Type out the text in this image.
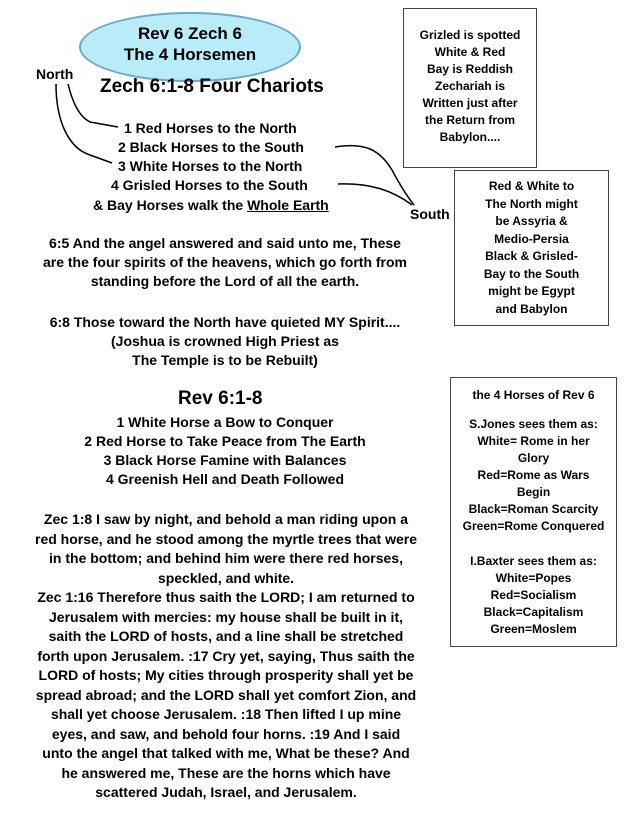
Rev 6 Zech 6
The 4 Horsemen
North
South
Zech 6:1-8 Four Chariots
1 Red Horses to the North
2 Black Horses to the South
3 White Horses to the North
4 Grisled Horses to the South
& Bay Horses walk the Whole Earth
6:5 And the angel answered and said unto me, These
are the four spirits of the heavens, which go forth from
standing before the Lord of all the earth.
6:8 Those toward the North have quieted MY Spirit....
(Joshua is crowned High Priest as
The Temple is to be Rebuilt)
Grizled is spotted
White & Red
Bay is Reddish
Zechariah is
Written just after
the Return from
Babylon....
Red & White to
The North might
be Assyria &
Medio-Persia
Black & Grisled-
Bay to the South
might be Egypt
and Babylon
Rev 6:1-8
1 White Horse a Bow to Conquer
2 Red Horse to Take Peace from The Earth
3 Black Horse Famine with Balances
4 Greenish Hell and Death Followed
Zec 1:8 I saw by night, and behold a man riding upon a
red horse, and he stood among the myrtle trees that were
in the bottom; and behind him were there red horses,
speckled, and white.
Zec 1:16 Therefore thus saith the LORD; I am returned to
Jerusalem with mercies: my house shall be built in it,
saith the LORD of hosts, and a line shall be stretched
forth upon Jerusalem. :17 Cry yet, saying, Thus saith the
LORD of hosts; My cities through prosperity shall yet be
spread abroad; and the LORD shall yet comfort Zion, and
shall yet choose Jerusalem. :18 Then lifted I up mine
eyes, and saw, and behold four horns. :19 And I said
unto the angel that talked with me, What be these? And
he answered me, These are the horns which have
scattered Judah, Israel, and Jerusalem.
the 4 Horses of Rev 6
S.Jones sees them as:
White= Rome in her
Glory
Red=Rome as Wars
Begin
Black=Roman Scarcity
Green=Rome Conquered
I.Baxter sees them as:
White=Popes
Red=Socialism
Black=Capitalism
Green=Moslem
